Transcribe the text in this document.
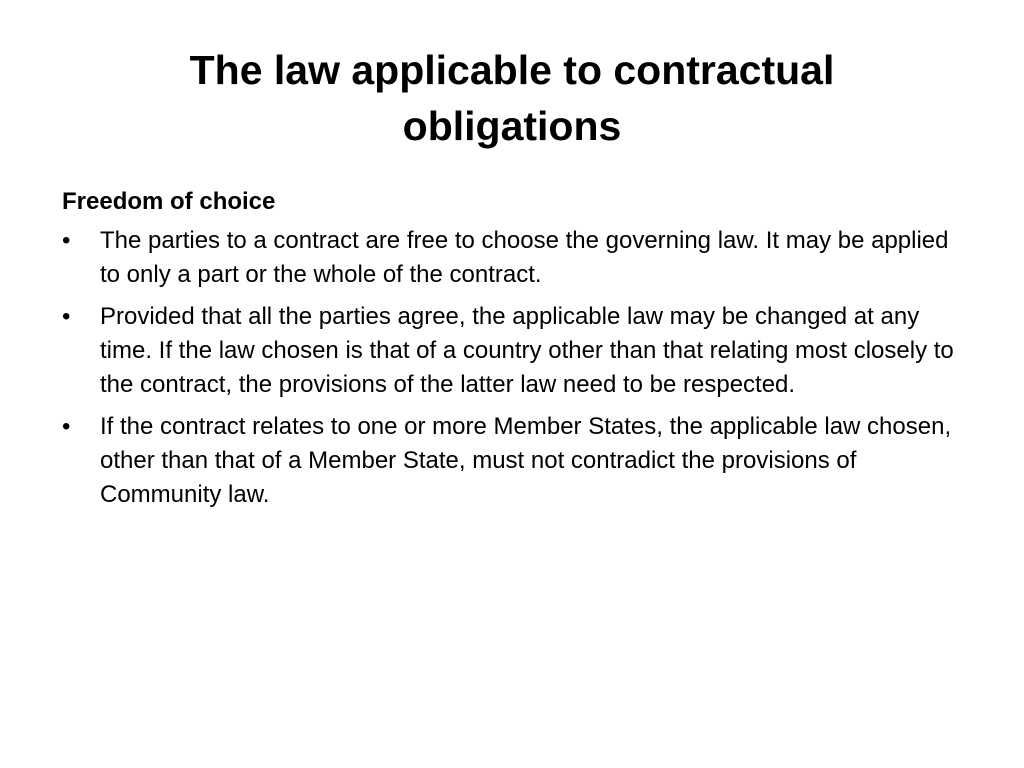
The law applicable to contractual obligations

Freedom of choice

•	The parties to a contract are free to choose the governing law. It may be applied to only a part or the whole of the contract.
•	Provided that all the parties agree, the applicable law may be changed at any time. If the law chosen is that of a country other than that relating most closely to the contract, the provisions of the latter law need to be respected.
•	If the contract relates to one or more Member States, the applicable law chosen, other than that of a Member State, must not contradict the provisions of Community law.
